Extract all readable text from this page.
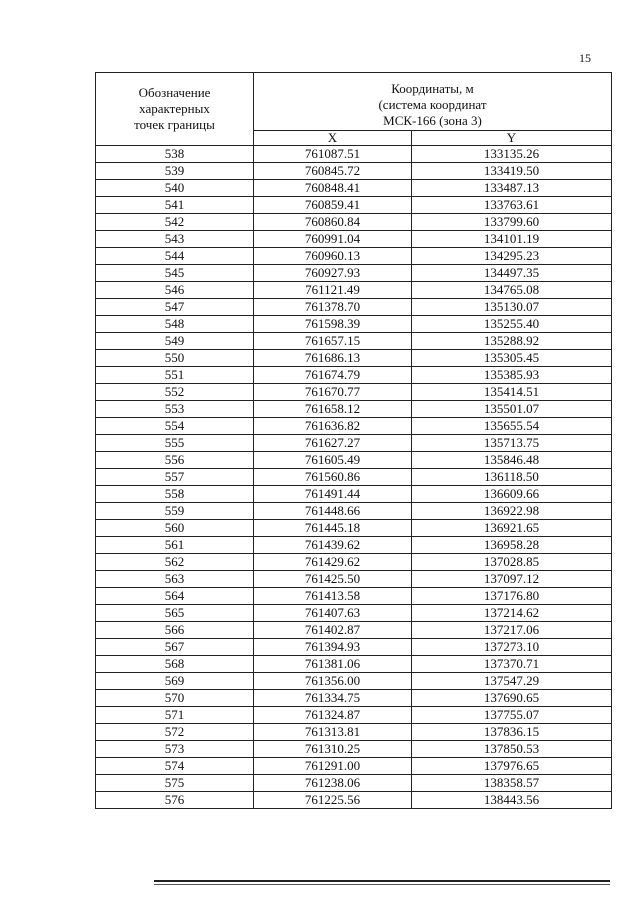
15
Обозначение
характерных
точек границы	Координаты, м
(система координат
МСК-166 (зона 3)	

	X	Y
538	761087.51	133135.26
539	760845.72	133419.50
540	760848.41	133487.13
541	760859.41	133763.61
542	760860.84	133799.60
543	760991.04	134101.19
544	760960.13	134295.23
545	760927.93	134497.35
546	761121.49	134765.08
547	761378.70	135130.07
548	761598.39	135255.40
549	761657.15	135288.92
550	761686.13	135305.45
551	761674.79	135385.93
552	761670.77	135414.51
553	761658.12	135501.07
554	761636.82	135655.54
555	761627.27	135713.75
556	761605.49	135846.48
557	761560.86	136118.50
558	761491.44	136609.66
559	761448.66	136922.98
560	761445.18	136921.65
561	761439.62	136958.28
562	761429.62	137028.85
563	761425.50	137097.12
564	761413.58	137176.80
565	761407.63	137214.62
566	761402.87	137217.06
567	761394.93	137273.10
568	761381.06	137370.71
569	761356.00	137547.29
570	761334.75	137690.65
571	761324.87	137755.07
572	761313.81	137836.15
573	761310.25	137850.53
574	761291.00	137976.65
575	761238.06	138358.57
576	761225.56	138443.56
